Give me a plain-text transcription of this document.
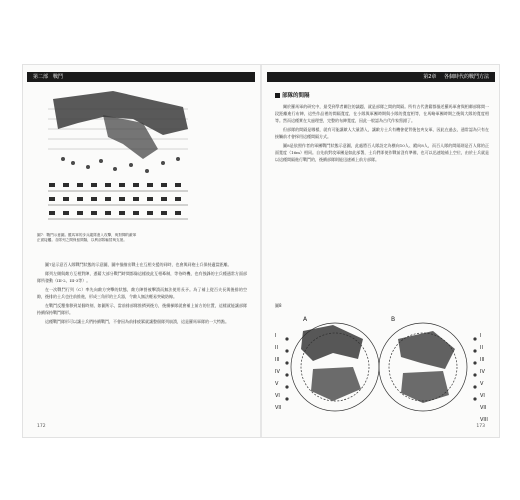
第二部　戰鬥
圖7：戰鬥示意圖。羅馬軍的步兵縱隊進入攻擊，與對陣的敵軍正面接觸。各隊列之間保留間隔，以利部隊輪替與支援。

圖7是示意百人隊戰鬥狀態的示意圖，圖中描繪出戰士在互相支援的同時，也會與同袍士兵保持適當距離。

隊列左側與敵方互相對陣，憑藉大部分戰鬥時間都像這樣彼此互相牽制，等待時機，也有強鋒的主兵種通常方面部隊所發動（III-2、III-3等）。

在一次戰鬥行列（C）率先向敵方突擊的狀態，敵方陣營被擊潰而無法使用長矛。為了補上從百夫長與後排的空隙，後排的士兵也往前推進，形成三角形的主兵器，令敵人無法輕易突破防線。

在戰鬥反覆推移到某個時刻，如圖所示，當前排部隊推擠到後方，後續梯隊就會補上前方的位置，這樣就能讓部隊持續保持戰鬥隊形。

這種戰鬥隊形可以讓士兵們持續戰鬥，不會因為前排疲累就讓整個隊列崩潰，這是羅馬軍隊的一大特點。

172
第2章 各個時代的戰鬥方法
部隊的間隔

關於羅馬軍的研究中，最受到學者關注的議題，就是部隊之間的間隔。所有古代書籍都描述羅馬軍會與相鄰部隊間一段距離進行布陣，這些作品裡的間隔寬度，在小隊與軍團時期與小隊的寬度相等，在馬略軍團時期之後與大隊的寬度相等。然而這種實在太過理想，完整的布陣寬度，因此一般認為古代作家寫錯了。

但部隊的間隔是哪樣，就有可能讓敵人大量湧入，讓敵方士兵有機會從背後包夾友軍，因此在過去，通常認為只有在接觸前才會採用這種間隔方式。

圖8是依照作者的軍團戰鬥狀態示意圖，此處將百人隊設定為橫向10人、縱向8人，而百人隊的間隔則是百人隊的正面寬度（16m）相同。自先前對攻軍團是如此部署，士兵們即使作戰前沒有準備，也可以迅速地補上空位，由於士兵就是以這種間隔進行戰鬥的，後續部隊則能迅速補上前方部隊。

圖8
A	B
I
II
III
IV
V
VI
VII
I
II
III
IV
V
VI
VII
VIII
173
